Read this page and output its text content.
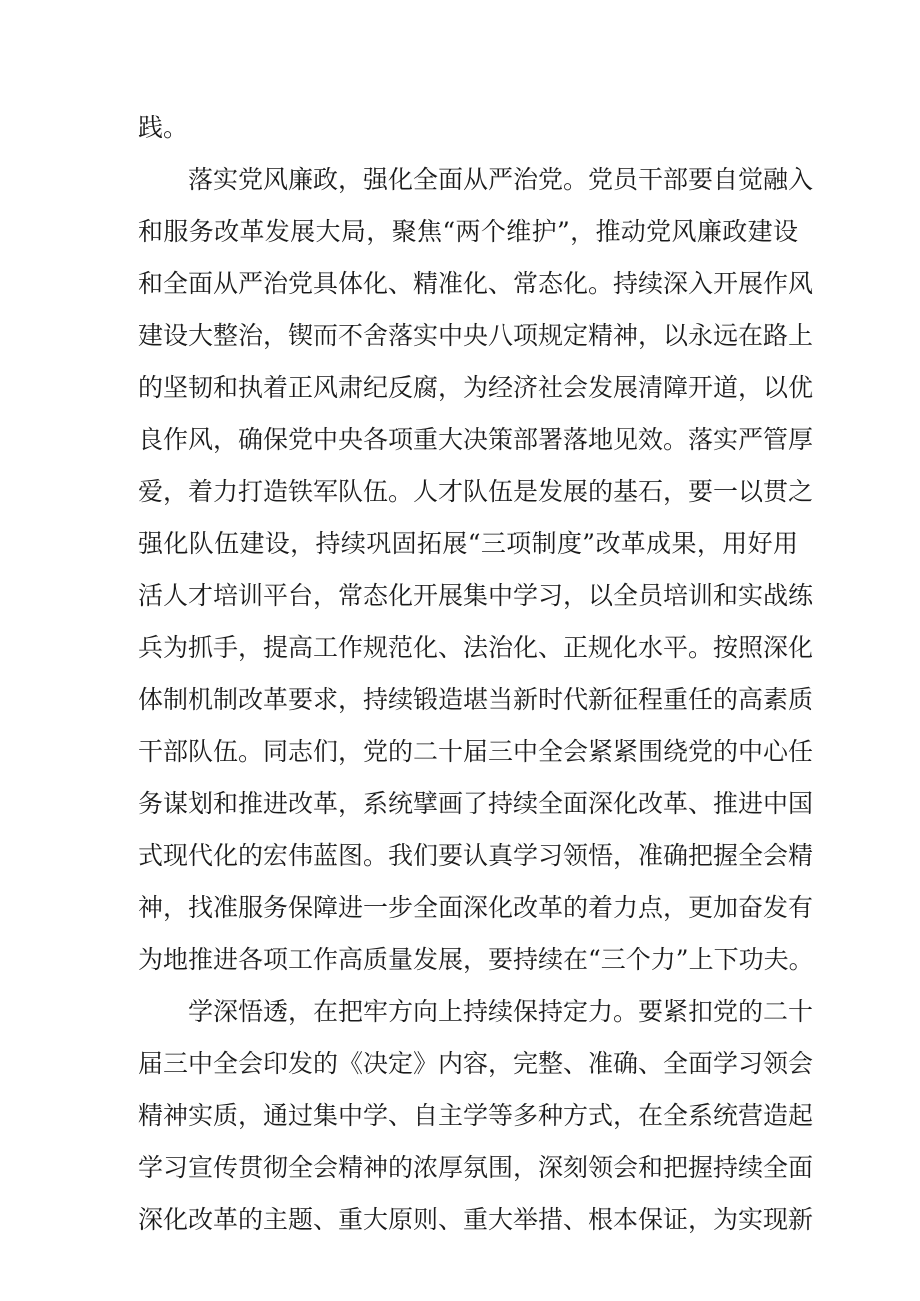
践。
落实党风廉政，强化全面从严治党。党员干部要自觉融入
和服务改革发展大局，聚焦“两个维护”，推动党风廉政建设
和全面从严治党具体化、精准化、常态化。持续深入开展作风
建设大整治，锲而不舍落实中央八项规定精神，以永远在路上
的坚韧和执着正风肃纪反腐，为经济社会发展清障开道，以优
良作风，确保党中央各项重大决策部署落地见效。落实严管厚
爱，着力打造铁军队伍。人才队伍是发展的基石，要一以贯之
强化队伍建设，持续巩固拓展“三项制度”改革成果，用好用
活人才培训平台，常态化开展集中学习，以全员培训和实战练
兵为抓手，提高工作规范化、法治化、正规化水平。按照深化
体制机制改革要求，持续锻造堪当新时代新征程重任的高素质
干部队伍。同志们，党的二十届三中全会紧紧围绕党的中心任
务谋划和推进改革，系统擘画了持续全面深化改革、推进中国
式现代化的宏伟蓝图。我们要认真学习领悟，准确把握全会精
神，找准服务保障进一步全面深化改革的着力点，更加奋发有
为地推进各项工作高质量发展，要持续在“三个力”上下功夫。
学深悟透，在把牢方向上持续保持定力。要紧扣党的二十
届三中全会印发的《决定》内容，完整、准确、全面学习领会
精神实质，通过集中学、自主学等多种方式，在全系统营造起
学习宣传贯彻全会精神的浓厚氛围，深刻领会和把握持续全面
深化改革的主题、重大原则、重大举措、根本保证，为实现新
